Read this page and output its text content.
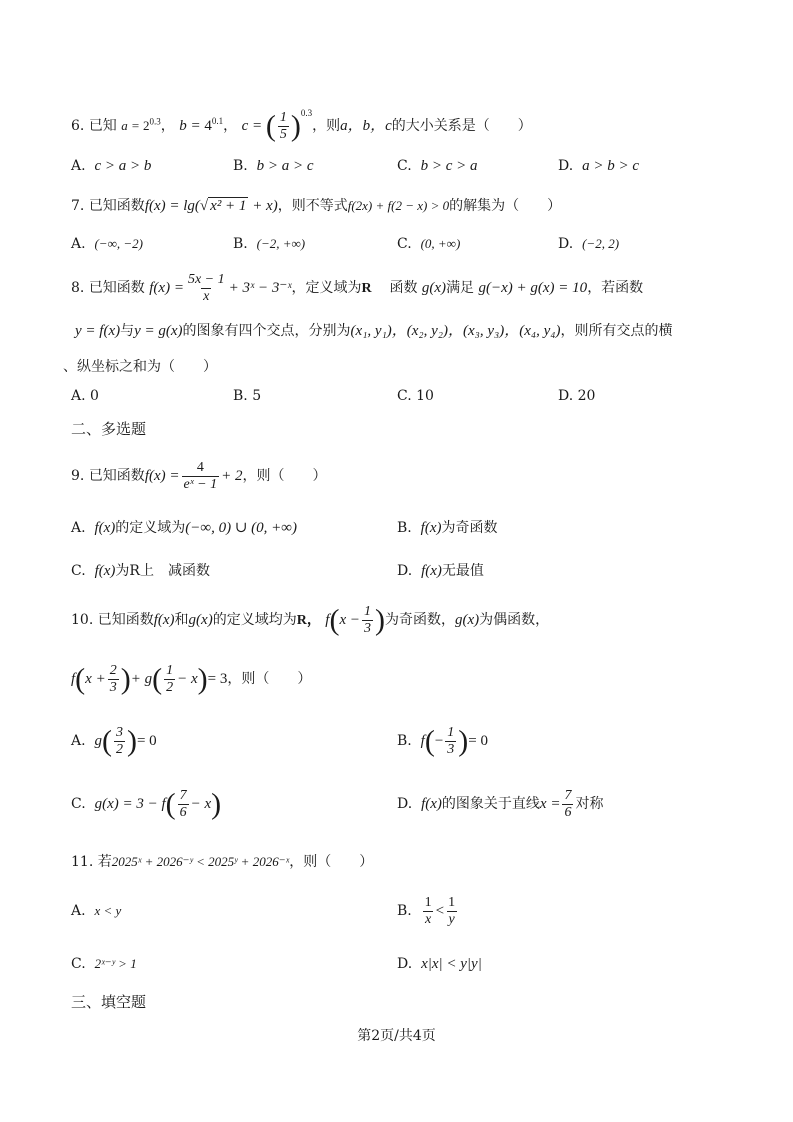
6. 已知 $a = 2^{0.3}$， $b = 4^{0.1}$， c = ( $\frac{1}{5} )^{0.3}$，则a，b，c的大小关系是（　　）
A. c > a > b	B. b > a > c	C. b > c > a	D. a > b > c
7. 已知函数f(x) = lg(√ x² + 1 + x)，则不等式f(2x) + f(2 − x) > 0的解集为（　　）
A. (−∞, −2)	B. (−2, +∞)	C. (0, +∞)	D. (−2, 2)
8. 已知函数 $f(x) = \frac{5x - 1}{x}$ + 3ˣ − 3⁻ˣ，定义域为R 函数 g(x)满足 g(−x) + g(x) = 10，若函数
y = f(x)与y = g(x)的图象有四个交点，分别为(x₁, y₁)，(x₂, y₂)，(x₃, y₃)，(x₄, y₄)，则所有交点的横
、纵坐标之和为（　　）
A. 0	B. 5	C. 10	D. 20
二、多选题
9. 已知函数$f(x) = \frac{4}{\text{eˣ − 1}} + 2$，则（　　）
A. f(x)的定义域为(−∞, 0) ∪ (0, +∞)	B. f(x)为奇函数
C. f(x)为R上　减函数	D. f(x)无最值
10. 已知函数f(x)和g(x)的定义域均为R， $f(x - \frac{1}{3}$ )为奇函数，g(x)为偶函数，
$f(x + \frac{2}{3}$ )+ $g( \frac{1}{2} - x)= 3$，则（　　）
A. $g( \frac{3}{2}$ )= 0	B. $f(- \frac{1}{3}$ )= 0
C. $g(x) = 3 - f( \frac{7}{6} - x)$	D. f(x)的图象关于直线$x = \frac{7}{6}$ 对称
11. 若2025ˣ + 2026⁻ʸ < 2025ʸ + 2026⁻ˣ，则（　　）
A. x < y	B. $\frac{1}{x} < \frac{1}{y}$
C. 2ˣ⁻ʸ > 1	D. x|x| < y|y|
三、填空题
第2页/共4页
